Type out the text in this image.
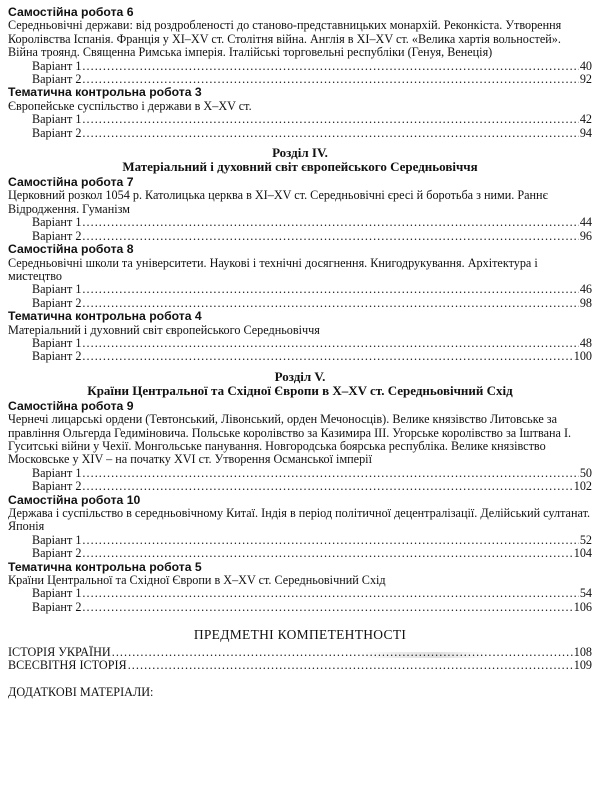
Самостійна робота 6
Середньовічні держави: від роздробленості до станово-представницьких монархій. Реконкіста. Утворення Королівства Іспанія. Франція у XI–XV ст. Столітня війна. Англія в XI–XV ст. «Велика хартія вольностей». Війна троянд. Священна Римська імперія. Італійські торговельні республіки (Генуя, Венеція)
Варіант 1 . . .	40
Варіант 2 . . .	92
Тематична контрольна робота 3
Європейське суспільство і держави в X–XV ст.
Варіант 1 . . .	42
Варіант 2 . . .	94
Розділ IV.
Матеріальний і духовний світ європейського Середньовіччя
Самостійна робота 7
Церковний розкол 1054 р. Католицька церква в XI–XV ст. Середньовічні єресі й боротьба з ними. Раннє Відродження. Гуманізм
Варіант 1 . . .	44
Варіант 2 . . .	96
Самостійна робота 8
Середньовічні школи та університети. Наукові і технічні досягнення. Книгодрукування. Архітектура і мистецтво
Варіант 1 . . .	46
Варіант 2 . . .	98
Тематична контрольна робота 4
Матеріальний і духовний світ європейського Середньовіччя
Варіант 1 . . .	48
Варіант 2 . . .	100
Розділ V.
Країни Центральної та Східної Європи в X–XV ст. Середньовічний Схід
Самостійна робота 9
Чернечі лицарські ордени (Тевтонський, Лівонський, орден Мечоносців). Велике князівство Литовське за правління Ольгерда Гедиміновича. Польське королівство за Казимира III. Угорське королівство за Іштвана I. Гуситські війни у Чехії. Монгольське панування. Новгородська боярська республіка. Велике князівство Московське у XIV – на початку XVI ст. Утворення Османської імперії
Варіант 1 . . .	50
Варіант 2 . . .	102
Самостійна робота 10
Держава і суспільство в середньовічному Китаї. Індія в період політичної децентралізації. Делійський султанат. Японія
Варіант 1 . . .	52
Варіант 2 . . .	104
Тематична контрольна робота 5
Країни Центральної та Східної Європи в X–XV ст. Середньовічний Схід
Варіант 1 . . .	54
Варіант 2 . . .	106
ПРЕДМЕТНІ КОМПЕТЕНТНОСТІ
ІСТОРІЯ УКРАЇНИ . . .	108
ВСЕСВІТНЯ ІСТОРІЯ . . .	109
ДОДАТКОВІ МАТЕРІАЛИ:
